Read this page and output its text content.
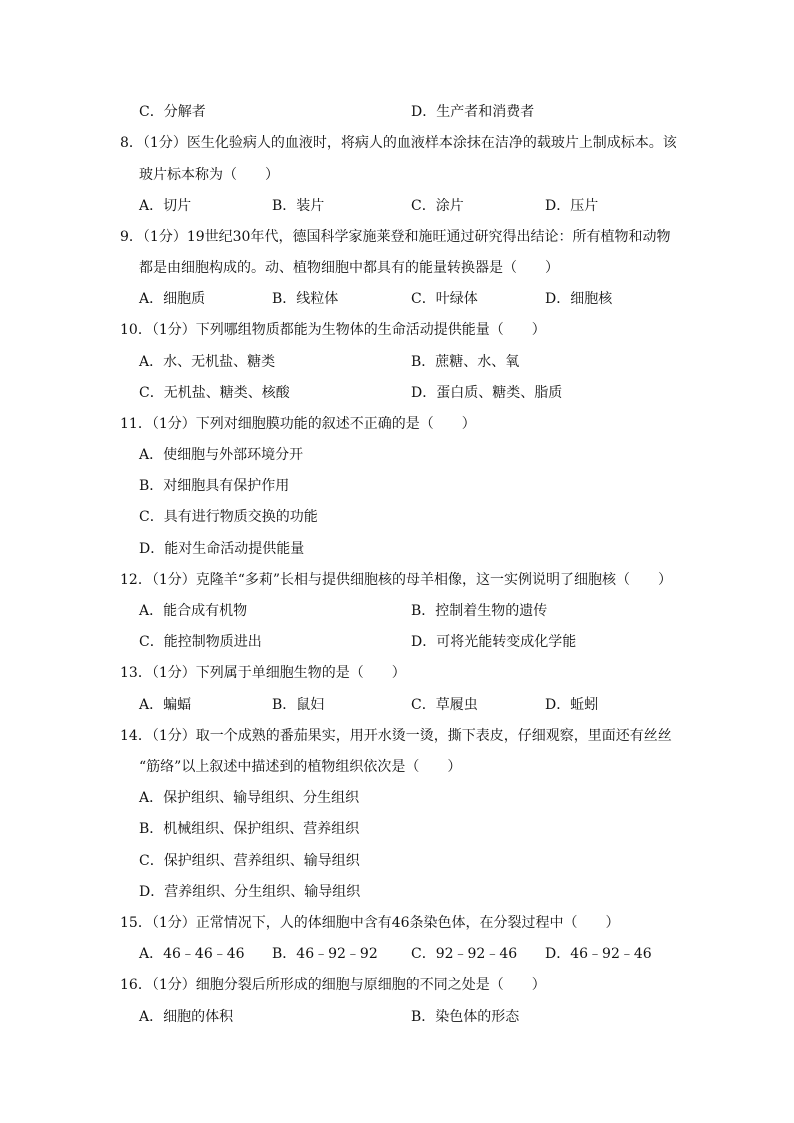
C．分解者	D．生产者和消费者
8．（1分）医生化验病人的血液时，将病人的血液样本涂抹在洁净的载玻片上制成标本。该
玻片标本称为（　　）
A．切片	B．装片	C．涂片	D．压片
9．（1分）19世纪30年代，德国科学家施莱登和施旺通过研究得出结论：所有植物和动物
都是由细胞构成的。动、植物细胞中都具有的能量转换器是（　　）
A．细胞质	B．线粒体	C．叶绿体	D．细胞核
10．（1分）下列哪组物质都能为生物体的生命活动提供能量（　　）
A．水、无机盐、糖类	B．蔗糖、水、氧
C．无机盐、糖类、核酸	D．蛋白质、糖类、脂质
11．（1分）下列对细胞膜功能的叙述不正确的是（　　）
A．使细胞与外部环境分开
B．对细胞具有保护作用
C．具有进行物质交换的功能
D．能对生命活动提供能量
12．（1分）克隆羊“多莉”长相与提供细胞核的母羊相像，这一实例说明了细胞核（　　）
A．能合成有机物	B．控制着生物的遗传
C．能控制物质进出	D．可将光能转变成化学能
13．（1分）下列属于单细胞生物的是（　　）
A．蝙蝠	B．鼠妇	C．草履虫	D．蚯蚓
14．（1分）取一个成熟的番茄果实，用开水烫一烫，撕下表皮，仔细观察，里面还有丝丝
“筋络”以上叙述中描述到的植物组织依次是（　　）
A．保护组织、输导组织、分生组织
B．机械组织、保护组织、营养组织
C．保护组织、营养组织、输导组织
D．营养组织、分生组织、输导组织
15．（1分）正常情况下，人的体细胞中含有46条染色体，在分裂过程中（　　）
A．46﹣46﹣46 B．46﹣92﹣92 C．92﹣92﹣46 D．46﹣92﹣46
16．（1分）细胞分裂后所形成的细胞与原细胞的不同之处是（　　）
A．细胞的体积	B．染色体的形态
